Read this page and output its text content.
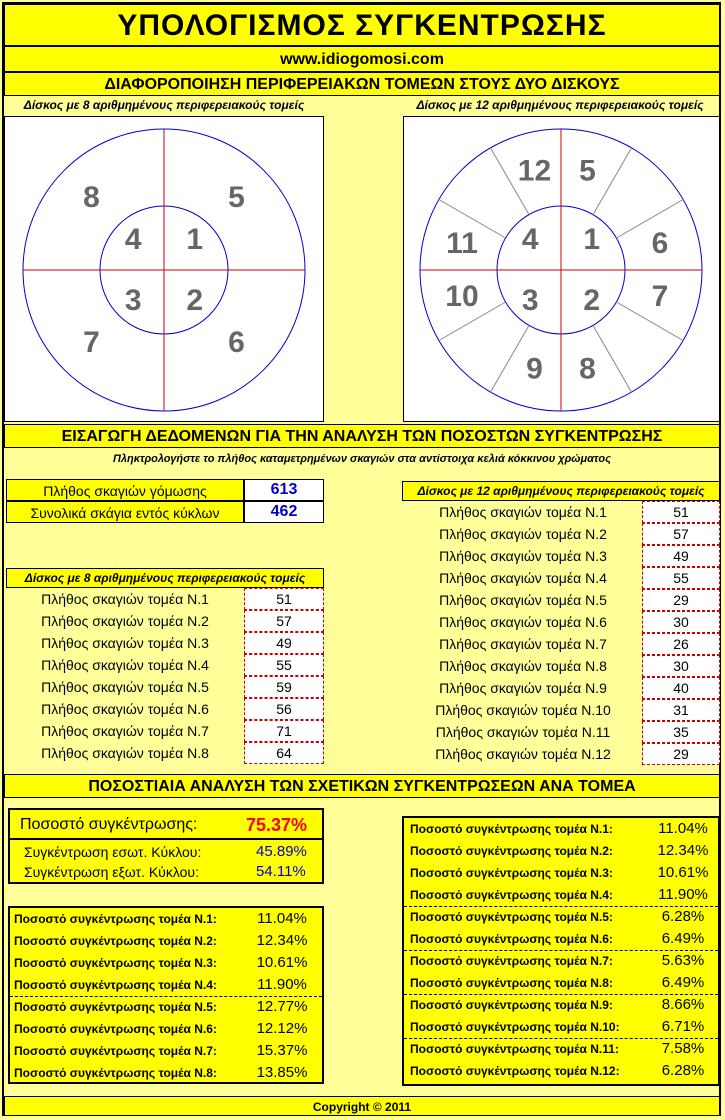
ΥΠΟΛΟΓΙΣΜΟΣ ΣΥΓΚΕΝΤΡΩΣΗΣ
www.idiogomosi.com
ΔΙΑΦΟΡΟΠΟΙΗΣΗ ΠΕΡΙΦΕΡΕΙΑΚΩΝ ΤΟΜΕΩΝ ΣΤΟΥΣ ΔΥΟ ΔΙΣΚΟΥΣ
Δίσκος με 8 αριθμημένους περιφερειακούς τομείς	Δίσκος με 12 αριθμημένους περιφερειακούς τομείς
1
2
3
4
5
6
7
8
1
2
3
4
5
6
7
8
9
10
11
12
ΕΙΣΑΓΩΓΗ ΔΕΔΟΜΕΝΩΝ ΓΙΑ ΤΗΝ ΑΝΑΛΥΣΗ ΤΩΝ ΠΟΣΟΣΤΩΝ ΣΥΓΚΕΝΤΡΩΣΗΣ
Πληκτρολογήστε το πλήθος καταμετρημένων σκαγιών στα αντίστοιχα κελιά κόκκινου χρώματος
Πλήθος σκαγιών γόμωσης	613
Συνολικά σκάγια εντός κύκλων	462
Δίσκος με 8 αριθμημένους περιφερειακούς τομείς
Δίσκος με 12 αριθμημένους περιφερειακούς τομείς
Πλήθος σκαγιών τομέα Ν.1	51
Πλήθος σκαγιών τομέα Ν.2	57
Πλήθος σκαγιών τομέα Ν.3	49
Πλήθος σκαγιών τομέα Ν.4	55
Πλήθος σκαγιών τομέα Ν.5	59
Πλήθος σκαγιών τομέα Ν.6	56
Πλήθος σκαγιών τομέα Ν.7	71
Πλήθος σκαγιών τομέα Ν.8	64
Πλήθος σκαγιών τομέα Ν.1	51
Πλήθος σκαγιών τομέα Ν.2	57
Πλήθος σκαγιών τομέα Ν.3	49
Πλήθος σκαγιών τομέα Ν.4	55
Πλήθος σκαγιών τομέα Ν.5	29
Πλήθος σκαγιών τομέα Ν.6	30
Πλήθος σκαγιών τομέα Ν.7	26
Πλήθος σκαγιών τομέα Ν.8	30
Πλήθος σκαγιών τομέα Ν.9	40
Πλήθος σκαγιών τομέα Ν.10	31
Πλήθος σκαγιών τομέα Ν.11	35
Πλήθος σκαγιών τομέα Ν.12	29
ΠΟΣΟΣΤΙΑΙΑ ΑΝΑΛΥΣΗ ΤΩΝ ΣΧΕΤΙΚΩΝ ΣΥΓΚΕΝΤΡΩΣΕΩΝ ΑΝΑ ΤΟΜΕΑ
Ποσοστό συγκέντρωσης:	75.37%
Συγκέντρωση εσωτ. Κύκλου:	45.89%
Συγκέντρωση εξωτ. Κύκλου:	54.11%
Ποσοστό συγκέντρωσης τομέα Ν.1:	11.04%
Ποσοστό συγκέντρωσης τομέα Ν.2:	12.34%
Ποσοστό συγκέντρωσης τομέα Ν.3:	10.61%
Ποσοστό συγκέντρωσης τομέα Ν.4:	11.90%
Ποσοστό συγκέντρωσης τομέα Ν.5:	12.77%
Ποσοστό συγκέντρωσης τομέα Ν.6:	12.12%
Ποσοστό συγκέντρωσης τομέα Ν.7:	15.37%
Ποσοστό συγκέντρωσης τομέα Ν.8:	13.85%
Ποσοστό συγκέντρωσης τομέα Ν.1:	11.04%
Ποσοστό συγκέντρωσης τομέα Ν.2:	12.34%
Ποσοστό συγκέντρωσης τομέα Ν.3:	10.61%
Ποσοστό συγκέντρωσης τομέα Ν.4:	11.90%
Ποσοστό συγκέντρωσης τομέα Ν.5:	6.28%
Ποσοστό συγκέντρωσης τομέα Ν.6:	6.49%
Ποσοστό συγκέντρωσης τομέα Ν.7:	5.63%
Ποσοστό συγκέντρωσης τομέα Ν.8:	6.49%
Ποσοστό συγκέντρωσης τομέα Ν.9:	8.66%
Ποσοστό συγκέντρωσης τομέα Ν.10:	6.71%
Ποσοστό συγκέντρωσης τομέα Ν.11:	7.58%
Ποσοστό συγκέντρωσης τομέα Ν.12:	6.28%
Copyright © 2011
